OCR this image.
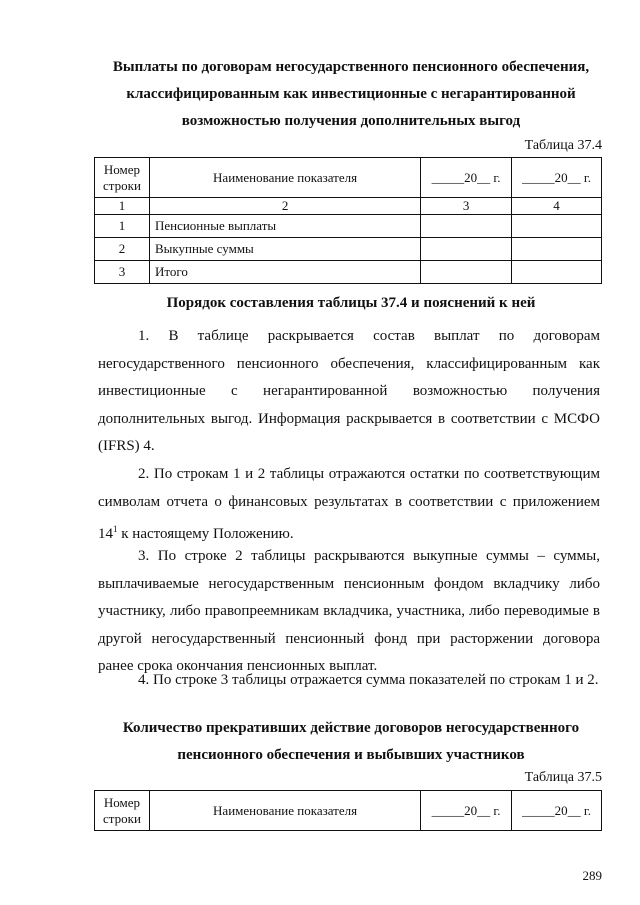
Выплаты по договорам негосударственного пенсионного обеспечения,
классифицированным как инвестиционные с негарантированной
возможностью получения дополнительных выгод
Таблица 37.4
Номер строки	Наименование показателя	_____20__ г.	_____20__ г.
1	2	3	4
1	Пенсионные выплаты		
2	Выкупные суммы		
3	Итого		
Порядок составления таблицы 37.4 и пояснений к ней

1. В таблице раскрывается состав выплат по договорам негосударственного пенсионного обеспечения, классифицированным как инвестиционные с негарантированной возможностью получения дополнительных выгод. Информация раскрывается в соответствии с МСФО (IFRS) 4.

2. По строкам 1 и 2 таблицы отражаются остатки по соответствующим символам отчета о финансовых результатах в соответствии с приложением $14^1$ к настоящему Положению.

3. По строке 2 таблицы раскрываются выкупные суммы – суммы, выплачиваемые негосударственным пенсионным фондом вкладчику либо участнику, либо правопреемникам вкладчика, участника, либо переводимые в другой негосударственный пенсионный фонд при расторжении договора ранее срока окончания пенсионных выплат.

4. По строке 3 таблицы отражается сумма показателей по строкам 1 и 2.

Количество прекративших действие договоров негосударственного
пенсионного обеспечения и выбывших участников
Таблица 37.5
Номер строки	Наименование показателя	_____20__ г.	_____20__ г.
289
